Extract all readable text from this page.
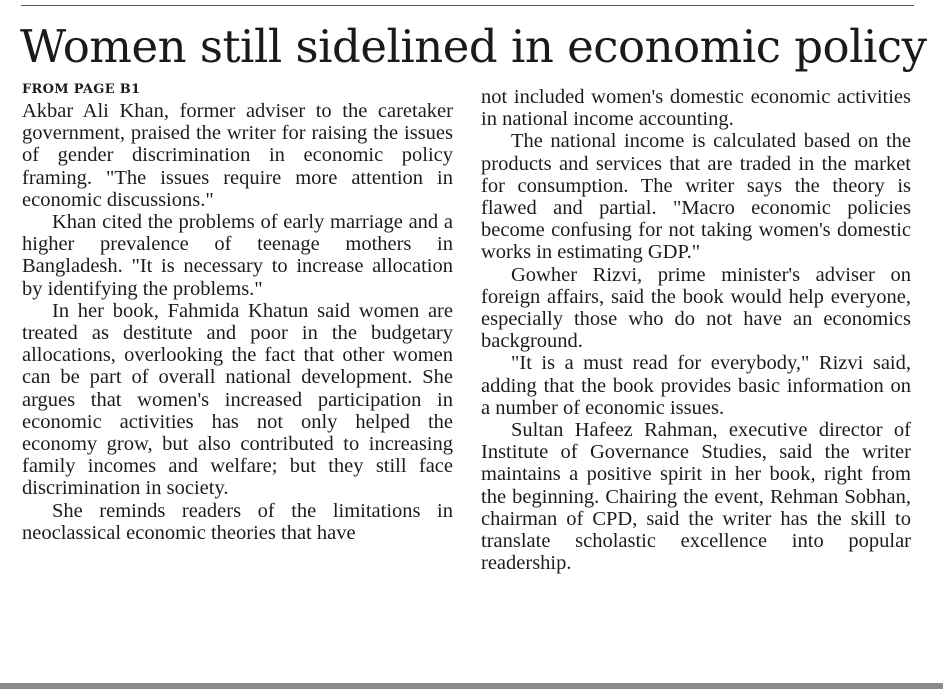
Women still sidelined in economic policy
FROM PAGE B1

Akbar Ali Khan, former adviser to the caretaker government, praised the writer for raising the issues of gender discrimination in economic policy framing. "The issues require more attention in economic discussions."

Khan cited the problems of early marriage and a higher prevalence of teenage mothers in Bangladesh. "It is necessary to increase allocation by identifying the problems."

In her book, Fahmida Khatun said women are treated as destitute and poor in the budgetary allocations, overlooking the fact that other women can be part of overall national development. She argues that women's increased participation in economic activities has not only helped the economy grow, but also contributed to increasing family incomes and welfare; but they still face discrimination in society.

She reminds readers of the limitations in neoclassical economic theories that have

not included women's domestic economic activities in national income accounting.

The national income is calculated based on the products and services that are traded in the market for consumption. The writer says the theory is flawed and partial. "Macro economic policies become confusing for not taking women's domestic works in estimating GDP."

Gowher Rizvi, prime minister's adviser on foreign affairs, said the book would help everyone, especially those who do not have an economics background.

"It is a must read for everybody," Rizvi said, adding that the book provides basic information on a number of economic issues.

Sultan Hafeez Rahman, executive director of Institute of Governance Studies, said the writer maintains a positive spirit in her book, right from the beginning. Chairing the event, Rehman Sobhan, chairman of CPD, said the writer has the skill to translate scholastic excellence into popular readership.
